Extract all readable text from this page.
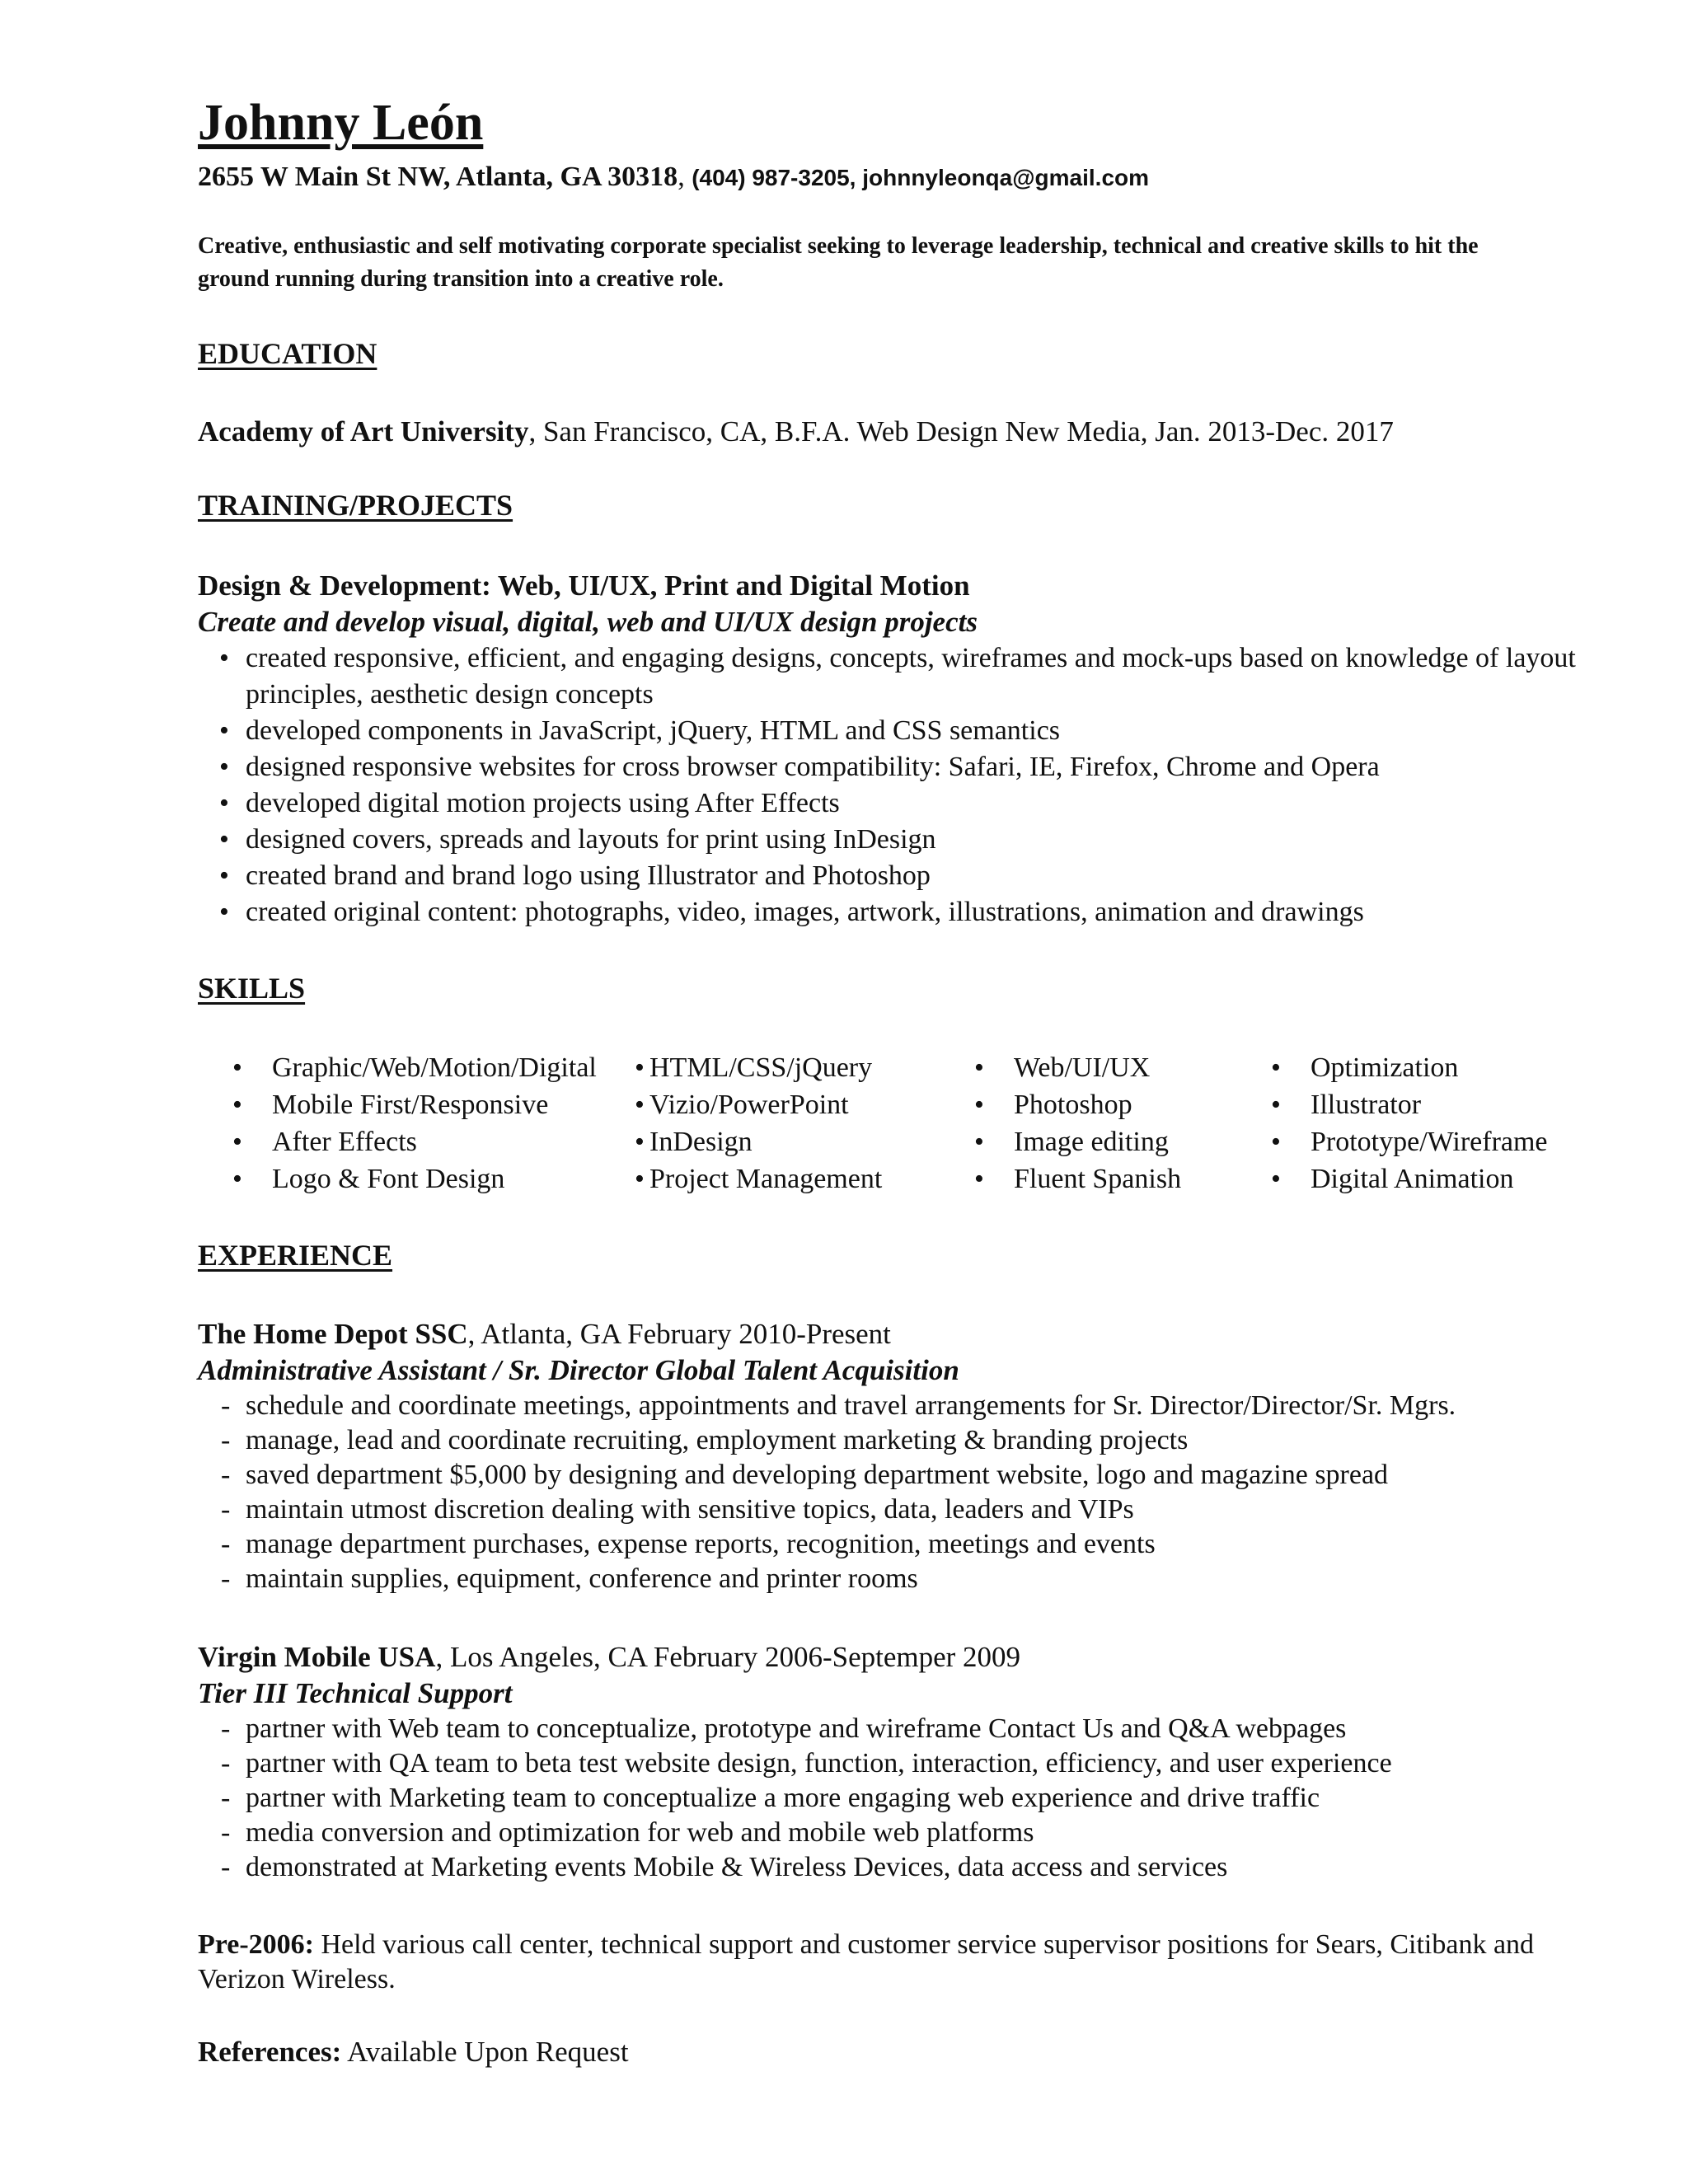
Johnny León
2655 W Main St NW, Atlanta, GA 30318, (404) 987-3205, johnnyleonqa@gmail.com
Creative, enthusiastic and self motivating corporate specialist seeking to leverage leadership, technical and creative skills to hit the ground running during transition into a creative role.
EDUCATION
Academy of Art University, San Francisco, CA, B.F.A. Web Design New Media, Jan. 2013-Dec. 2017
TRAINING/PROJECTS
Design & Development: Web, UI/UX, Print and Digital Motion
Create and develop visual, digital, web and UI/UX design projects
• created responsive, efficient, and engaging designs, concepts, wireframes and mock-ups based on knowledge of layout principles, aesthetic design concepts
• developed components in JavaScript, jQuery, HTML and CSS semantics
• designed responsive websites for cross browser compatibility: Safari, IE, Firefox, Chrome and Opera
• developed digital motion projects using After Effects
• designed covers, spreads and layouts for print using InDesign
• created brand and brand logo using Illustrator and Photoshop
• created original content: photographs, video, images, artwork, illustrations, animation and drawings
SKILLS
• Graphic/Web/Motion/Digital
• Mobile First/Responsive
• After Effects
• Logo & Font Design
• HTML/CSS/jQuery
• Vizio/PowerPoint
• InDesign
• Project Management
• Web/UI/UX
• Photoshop
• Image editing
• Fluent Spanish
• Optimization
• Illustrator
• Prototype/Wireframe
• Digital Animation
EXPERIENCE
The Home Depot SSC, Atlanta, GA February 2010-Present
Administrative Assistant / Sr. Director Global Talent Acquisition
- schedule and coordinate meetings, appointments and travel arrangements for Sr. Director/Director/Sr. Mgrs.
- manage, lead and coordinate recruiting, employment marketing & branding projects
- saved department $5,000 by designing and developing department website, logo and magazine spread
- maintain utmost discretion dealing with sensitive topics, data, leaders and VIPs
- manage department purchases, expense reports, recognition, meetings and events
- maintain supplies, equipment, conference and printer rooms
Virgin Mobile USA, Los Angeles, CA February 2006-Septemper 2009
Tier III Technical Support
- partner with Web team to conceptualize, prototype and wireframe Contact Us and Q&A webpages
- partner with QA team to beta test website design, function, interaction, efficiency, and user experience
- partner with Marketing team to conceptualize a more engaging web experience and drive traffic
- media conversion and optimization for web and mobile web platforms
- demonstrated at Marketing events Mobile & Wireless Devices, data access and services
Pre-2006: Held various call center, technical support and customer service supervisor positions for Sears, Citibank and Verizon Wireless.
References: Available Upon Request
